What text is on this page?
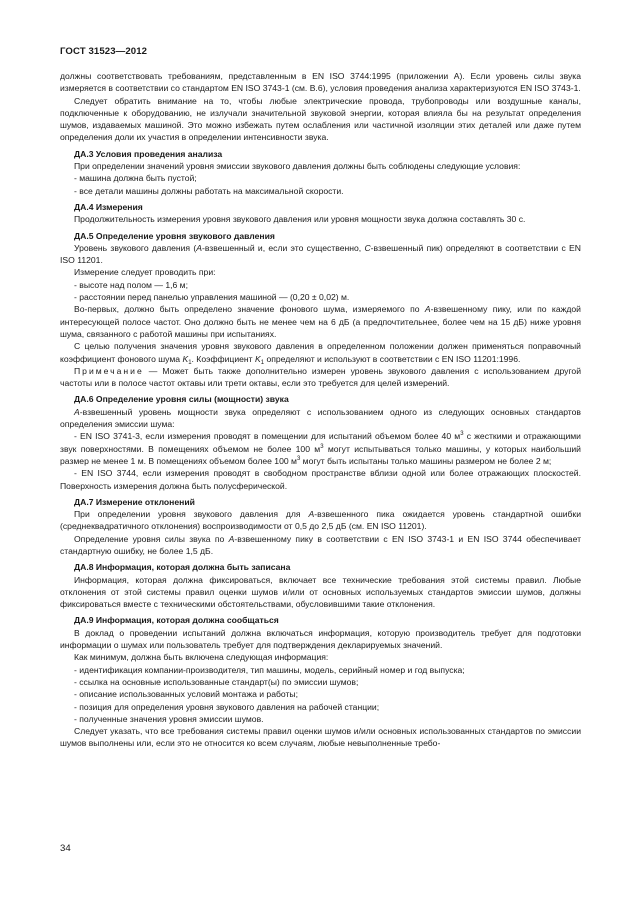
ГОСТ 31523—2012

должны соответствовать требованиям, представленным в EN ISO 3744:1995 (приложении А). Если уровень силы звука измеряется в соответствии со стандартом EN ISO 3743-1 (см. В.6), условия проведения анализа характеризуются EN ISO 3743-1.

Следует обратить внимание на то, чтобы любые электрические провода, трубопроводы или воздушные каналы, подключенные к оборудованию, не излучали значительной звуковой энергии, которая влияла бы на результат определения шумов, издаваемых машиной. Это можно избежать путем ослабления или частичной изоляции этих деталей или даже путем определения доли их участия в определении интенсивности звука.

ДА.3 Условия проведения анализа

При определении значений уровня эмиссии звукового давления должны быть соблюдены следующие условия:

- машина должна быть пустой;

- все детали машины должны работать на максимальной скорости.

ДА.4 Измерения

Продолжительность измерения уровня звукового давления или уровня мощности звука должна составлять 30 с.

ДА.5 Определение уровня звукового давления

Уровень звукового давления (А-взвешенный и, если это существенно, С-взвешенный пик) определяют в соответствии с EN ISO 11201.

Измерение следует проводить при:

- высоте над полом — 1,6 м;

- расстоянии перед панелью управления машиной — (0,20 ± 0,02) м.

Во-первых, должно быть определено значение фонового шума, измеряемого по А-взвешенному пику, или по каждой интересующей полосе частот. Оно должно быть не менее чем на 6 дБ (а предпочтительнее, более чем на 15 дБ) ниже уровня шума, связанного с работой машины при испытаниях.

С целью получения значения уровня звукового давления в определенном положении должен применяться поправочный коэффициент фонового шума $K_1$. Коэффициент $K_1$ определяют и используют в соответствии с EN ISO 11201:1996.

Примечание — Может быть также дополнительно измерен уровень звукового давления с использованием другой частоты или в полосе частот октавы или трети октавы, если это требуется для целей измерений.

ДА.6 Определение уровня силы (мощности) звука

А-взвешенный уровень мощности звука определяют с использованием одного из следующих основных стандартов определения эмиссии шума:

- EN ISO 3741-3, если измерения проводят в помещении для испытаний объемом более 40 $м^3$ с жесткими и отражающими звук поверхностями. В помещениях объемом не более 100 $м^3$ могут испытываться только машины, у которых наибольший размер не менее 1 м. В помещениях объемом более 100 $м^3$ могут быть испытаны только машины размером не более 2 м;

- EN ISO 3744, если измерения проводят в свободном пространстве вблизи одной или более отражающих плоскостей. Поверхность измерения должна быть полусферической.

ДА.7 Измерение отклонений

При определении уровня звукового давления для А-взвешенного пика ожидается уровень стандартной ошибки (среднеквадратичного отклонения) воспроизводимости от 0,5 до 2,5 дБ (см. EN ISO 11201).

Определение уровня силы звука по А-взвешенному пику в соответствии с EN ISO 3743-1 и EN ISO 3744 обеспечивает стандартную ошибку, не более 1,5 дБ.

ДА.8 Информация, которая должна быть записана

Информация, которая должна фиксироваться, включает все технические требования этой системы правил. Любые отклонения от этой системы правил оценки шумов и/или от основных используемых стандартов эмиссии шумов, должны фиксироваться вместе с техническими обстоятельствами, обусловившими такие отклонения.

ДА.9 Информация, которая должна сообщаться

В доклад о проведении испытаний должна включаться информация, которую производитель требует для подготовки информации о шумах или пользователь требует для подтверждения декларируемых значений.

Как минимум, должна быть включена следующая информация:

- идентификация компании-производителя, тип машины, модель, серийный номер и год выпуска;

- ссылка на основные использованные стандарт(ы) по эмиссии шумов;

- описание использованных условий монтажа и работы;

- позиция для определения уровня звукового давления на рабочей станции;

- полученные значения уровня эмиссии шумов.

Следует указать, что все требования системы правил оценки шумов и/или основных использованных стандартов по эмиссии шумов выполнены или, если это не относится ко всем случаям, любые невыполненные требо-

34
